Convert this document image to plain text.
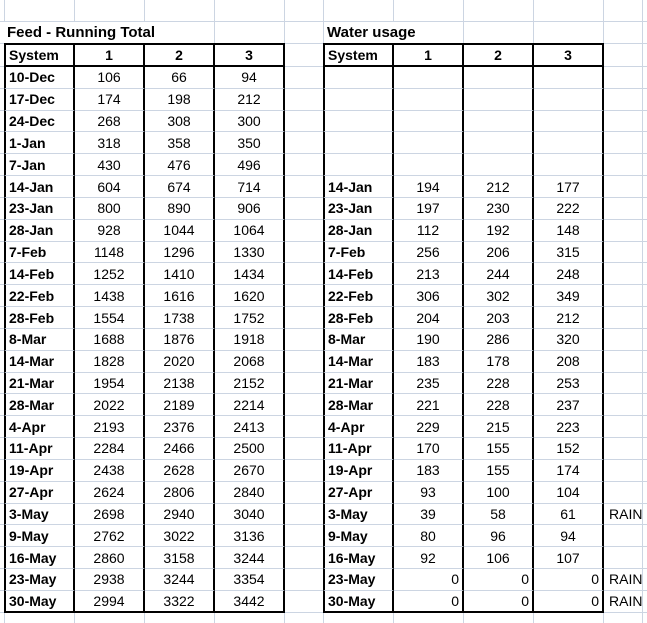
Feed - Running Total	Water usage
System	1	2	3	System	1	2	3
10-Dec	106	66	94
17-Dec	174	198	212
24-Dec	268	308	300
1-Jan	318	358	350
7-Jan	430	476	496
14-Jan	604	674	714	14-Jan	194	212	177
23-Jan	800	890	906	23-Jan	197	230	222
28-Jan	928	1044	1064	28-Jan	112	192	148
7-Feb	1148	1296	1330	7-Feb	256	206	315
14-Feb	1252	1410	1434	14-Feb	213	244	248
22-Feb	1438	1616	1620	22-Feb	306	302	349
28-Feb	1554	1738	1752	28-Feb	204	203	212
8-Mar	1688	1876	1918	8-Mar	190	286	320
14-Mar	1828	2020	2068	14-Mar	183	178	208
21-Mar	1954	2138	2152	21-Mar	235	228	253
28-Mar	2022	2189	2214	28-Mar	221	228	237
4-Apr	2193	2376	2413	4-Apr	229	215	223
11-Apr	2284	2466	2500	11-Apr	170	155	152
19-Apr	2438	2628	2670	19-Apr	183	155	174
27-Apr	2624	2806	2840	27-Apr	93	100	104
3-May	2698	2940	3040	3-May	39	58	61	RAIN
9-May	2762	3022	3136	9-May	80	96	94
16-May	2860	3158	3244	16-May	92	106	107
23-May	2938	3244	3354	23-May	0	0	0 RAIN
30-May	2994	3322	3442	30-May	0	0	0 RAIN
